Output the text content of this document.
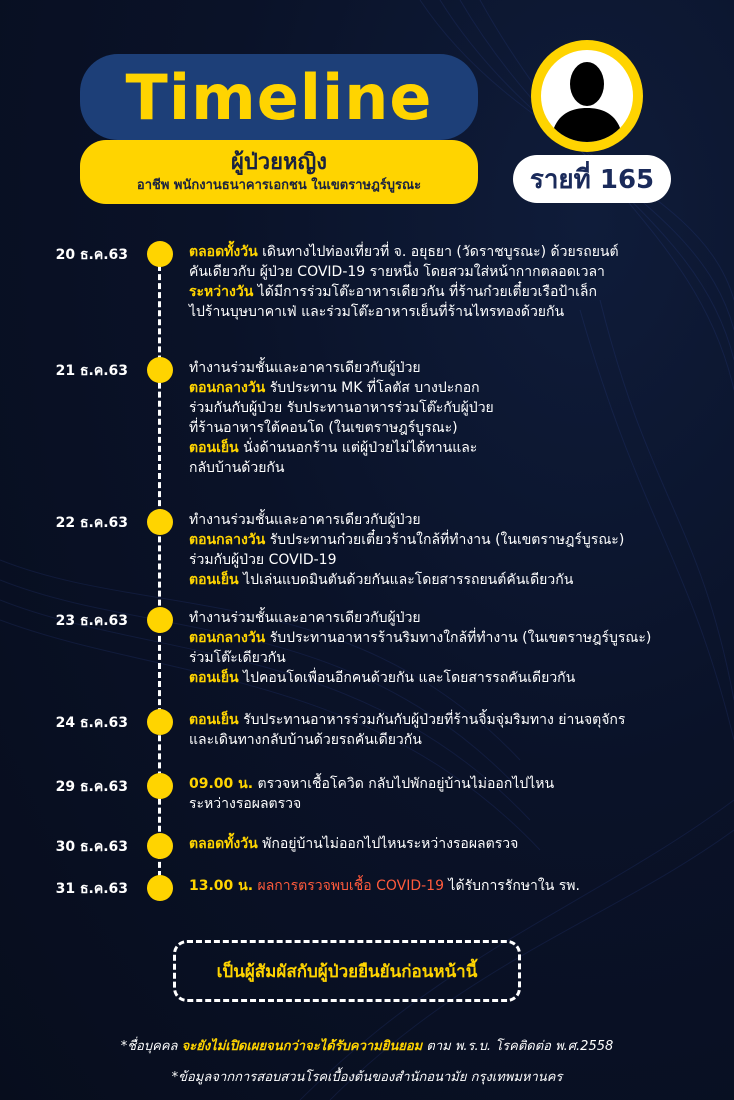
Timeline
ผู้ป่วยหญิง
อาชีพ พนักงานธนาคารเอกชน ในเขตราษฎร์บูรณะ	รายที่ 165
20 ธ.ค.63	ตลอดทั้งวัน เดินทางไปท่องเที่ยวที่ จ. อยุธยา (วัดราชบูรณะ) ด้วยรถยนต์
คันเดียวกับ ผู้ป่วย COVID-19 รายหนึ่ง โดยสวมใส่หน้ากากตลอดเวลา
ระหว่างวัน ได้มีการร่วมโต๊ะอาหารเดียวกัน ที่ร้านก๋วยเตี๋ยวเรือป้าเล็ก
ไปร้านบุษบาคาเฟ่ และร่วมโต๊ะอาหารเย็นที่ร้านไทรทองด้วยกัน
21 ธ.ค.63	ทำงานร่วมชั้นและอาคารเดียวกับผู้ป่วย
ตอนกลางวัน รับประทาน MK ที่โลตัส บางปะกอก
ร่วมกันกับผู้ป่วย รับประทานอาหารร่วมโต๊ะกับผู้ป่วย
ที่ร้านอาหารใต้คอนโด (ในเขตราษฎร์บูรณะ)
ตอนเย็น นั่งด้านนอกร้าน แต่ผู้ป่วยไม่ได้ทานและ
กลับบ้านด้วยกัน
22 ธ.ค.63	ทำงานร่วมชั้นและอาคารเดียวกับผู้ป่วย
ตอนกลางวัน รับประทานก๋วยเตี๋ยวร้านใกล้ที่ทำงาน (ในเขตราษฎร์บูรณะ)
ร่วมกับผู้ป่วย COVID-19
ตอนเย็น ไปเล่นแบดมินตันด้วยกันและโดยสารรถยนต์คันเดียวกัน
23 ธ.ค.63	ทำงานร่วมชั้นและอาคารเดียวกับผู้ป่วย
ตอนกลางวัน รับประทานอาหารร้านริมทางใกล้ที่ทำงาน (ในเขตราษฎร์บูรณะ)
ร่วมโต๊ะเดียวกัน
ตอนเย็น ไปคอนโดเพื่อนอีกคนด้วยกัน และโดยสารรถคันเดียวกัน
24 ธ.ค.63	ตอนเย็น รับประทานอาหารร่วมกันกับผู้ป่วยที่ร้านจิ้มจุ่มริมทาง ย่านจตุจักร
และเดินทางกลับบ้านด้วยรถคันเดียวกัน
29 ธ.ค.63	09.00 น. ตรวจหาเชื้อโควิด กลับไปพักอยู่บ้านไม่ออกไปไหน
ระหว่างรอผลตรวจ
30 ธ.ค.63	ตลอดทั้งวัน พักอยู่บ้านไม่ออกไปไหนระหว่างรอผลตรวจ
31 ธ.ค.63	13.00 น. ผลการตรวจพบเชื้อ COVID-19 ได้รับการรักษาใน รพ.
เป็นผู้สัมผัสกับผู้ป่วยยืนยันก่อนหน้านี้
*ชื่อบุคคล จะยังไม่เปิดเผยจนกว่าจะได้รับความยินยอม ตาม พ.ร.บ. โรคติดต่อ พ.ศ.2558
*ข้อมูลจากการสอบสวนโรคเบื้องต้นของสำนักอนามัย กรุงเทพมหานคร
